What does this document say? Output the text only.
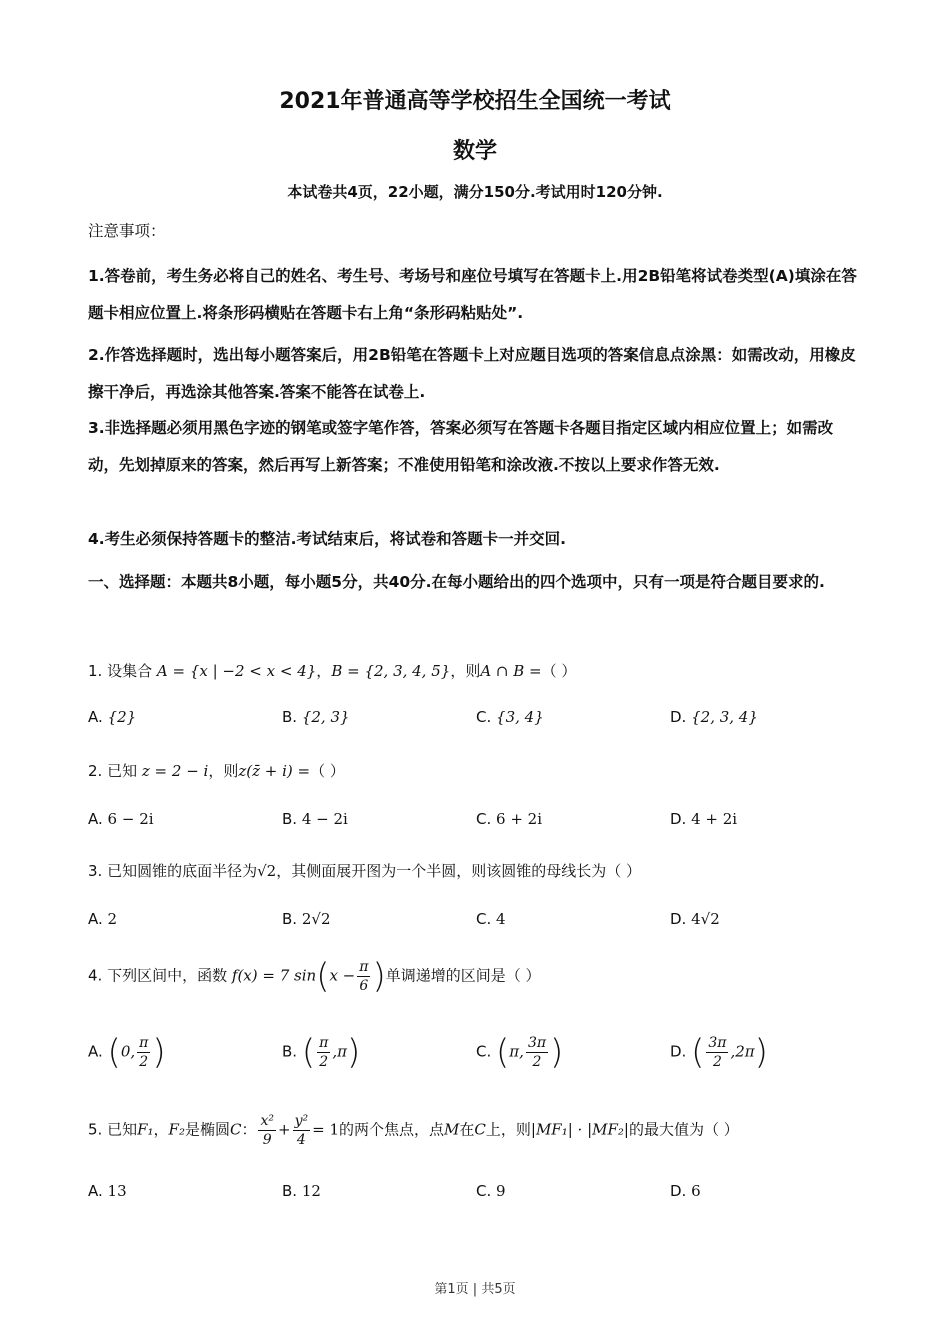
2021年普通高等学校招生全国统一考试
数学
本试卷共4页，22小题，满分150分.考试用时120分钟.
注意事项：
1.答卷前，考生务必将自己的姓名、考生号、考场号和座位号填写在答题卡上.用2B铅笔将试卷类型(A)填涂在答题卡相应位置上.将条形码横贴在答题卡右上角“条形码粘贴处”.
2.作答选择题时，选出每小题答案后，用2B铅笔在答题卡上对应题目选项的答案信息点涂黑：如需改动，用橡皮擦干净后，再选涂其他答案.答案不能答在试卷上.
3.非选择题必须用黑色字迹的钢笔或签字笔作答，答案必须写在答题卡各题目指定区域内相应位置上；如需改动，先划掉原来的答案，然后再写上新答案；不准使用铅笔和涂改液.不按以上要求作答无效.
4.考生必须保持答题卡的整洁.考试结束后，将试卷和答题卡一并交回.
一、选择题：本题共8小题，每小题5分，共40分.在每小题给出的四个选项中，只有一项是符合题目要求的.
1. 设集合 A = {x | −2 < x < 4}，B = {2, 3, 4, 5}，则A ∩ B =（ ）
A. {2}	B. {2, 3}	C. {3, 4}	D. {2, 3, 4}
2. 已知 z = 2 − i，则z(z̄ + i) =（ ）
A. 6 − 2i	B. 4 − 2i	C. 6 + 2i	D. 4 + 2i
3. 已知圆锥的底面半径为√2，其侧面展开图为一个半圆，则该圆锥的母线长为（ ）
A. 2	B. 2√2	C. 4	D. 4√2
4. 下列区间中，函数 f(x) = 7 $\sin(x - \frac{\pi}{6}$ )单调递增的区间是（ ）
A. (0, $\frac{\pi}{2}$ )	B. ( $\frac{\pi}{2} ,\pi$)	C. (π, $\frac{3\pi}{2}$ )	D. ( $\frac{3\pi}{2} ,2\pi$)
5. 已知F₁，F₂是椭圆C： $\frac{\text{x²}}{9} + \frac{\text{y²}}{4} = 1$的两个焦点，点M在C上，则|MF₁| · |MF₂|的最大值为（ ）
A. 13	B. 12	C. 9	D. 6
第1页 | 共5页
